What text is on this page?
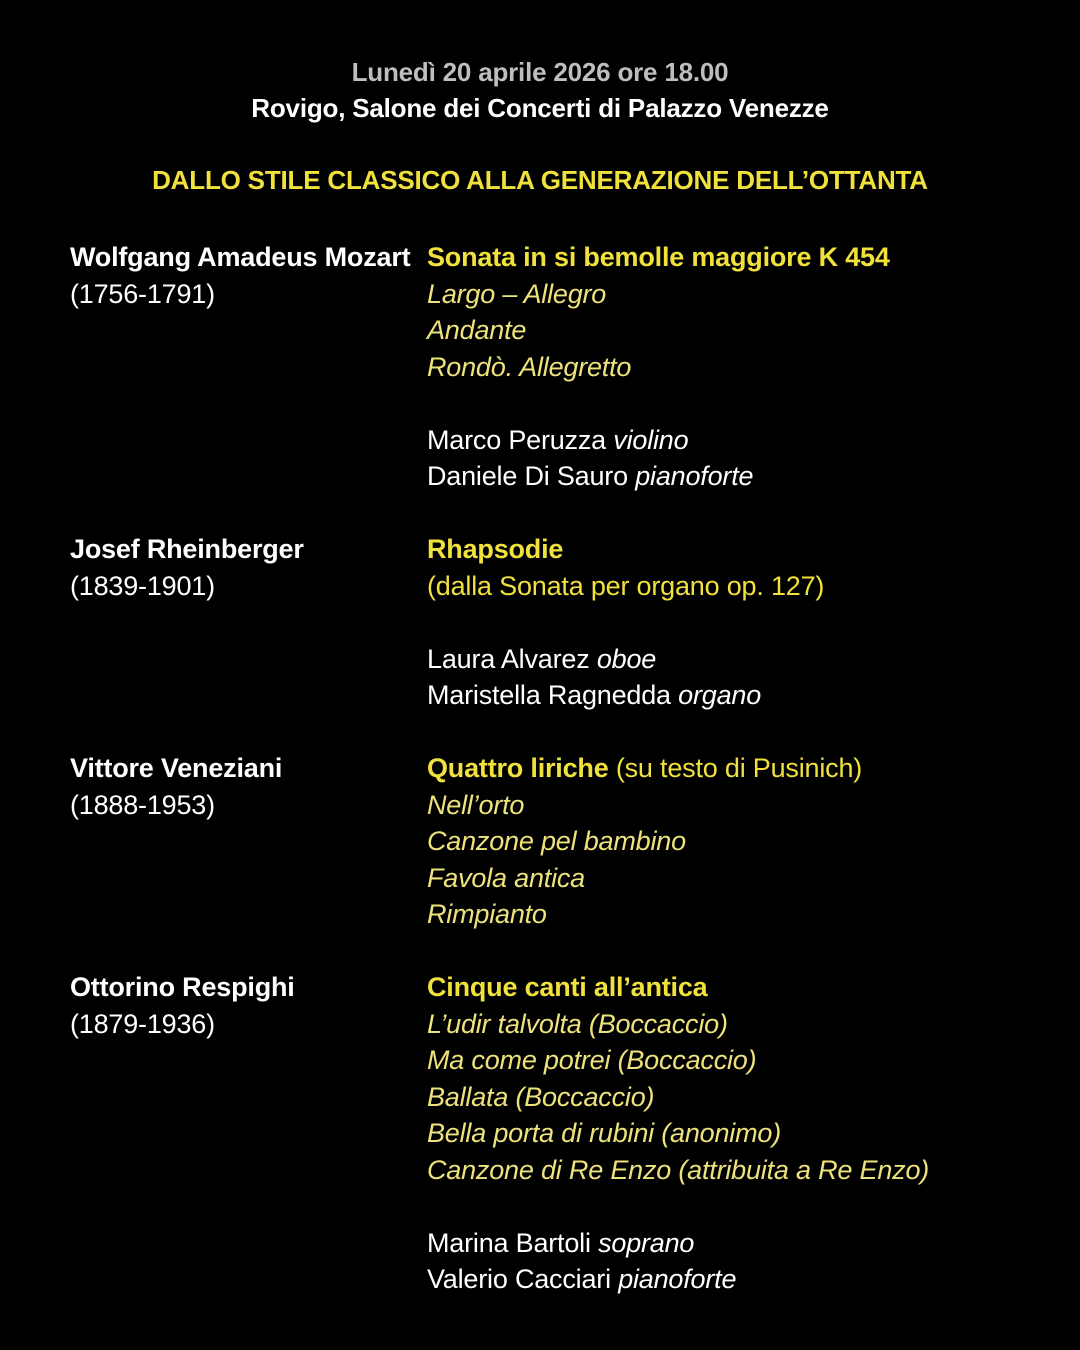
Lunedì 20 aprile 2026 ore 18.00
Rovigo, Salone dei Concerti di Palazzo Venezze
DALLO STILE CLASSICO ALLA GENERAZIONE DELL’OTTANTA
Wolfgang Amadeus Mozart
(1756-1791)
Sonata in si bemolle maggiore K 454
Largo – Allegro
Andante
Rondò. Allegretto
Marco Peruzza violino
Daniele Di Sauro pianoforte
Josef Rheinberger
(1839-1901)
Rhapsodie
(dalla Sonata per organo op. 127)
Laura Alvarez oboe
Maristella Ragnedda organo
Vittore Veneziani
(1888-1953)
Quattro liriche (su testo di Pusinich)
Nell’orto
Canzone pel bambino
Favola antica
Rimpianto
Ottorino Respighi
(1879-1936)
Cinque canti all’antica
L’udir talvolta (Boccaccio)
Ma come potrei (Boccaccio)
Ballata (Boccaccio)
Bella porta di rubini (anonimo)
Canzone di Re Enzo (attribuita a Re Enzo)
Marina Bartoli soprano
Valerio Cacciari pianoforte
